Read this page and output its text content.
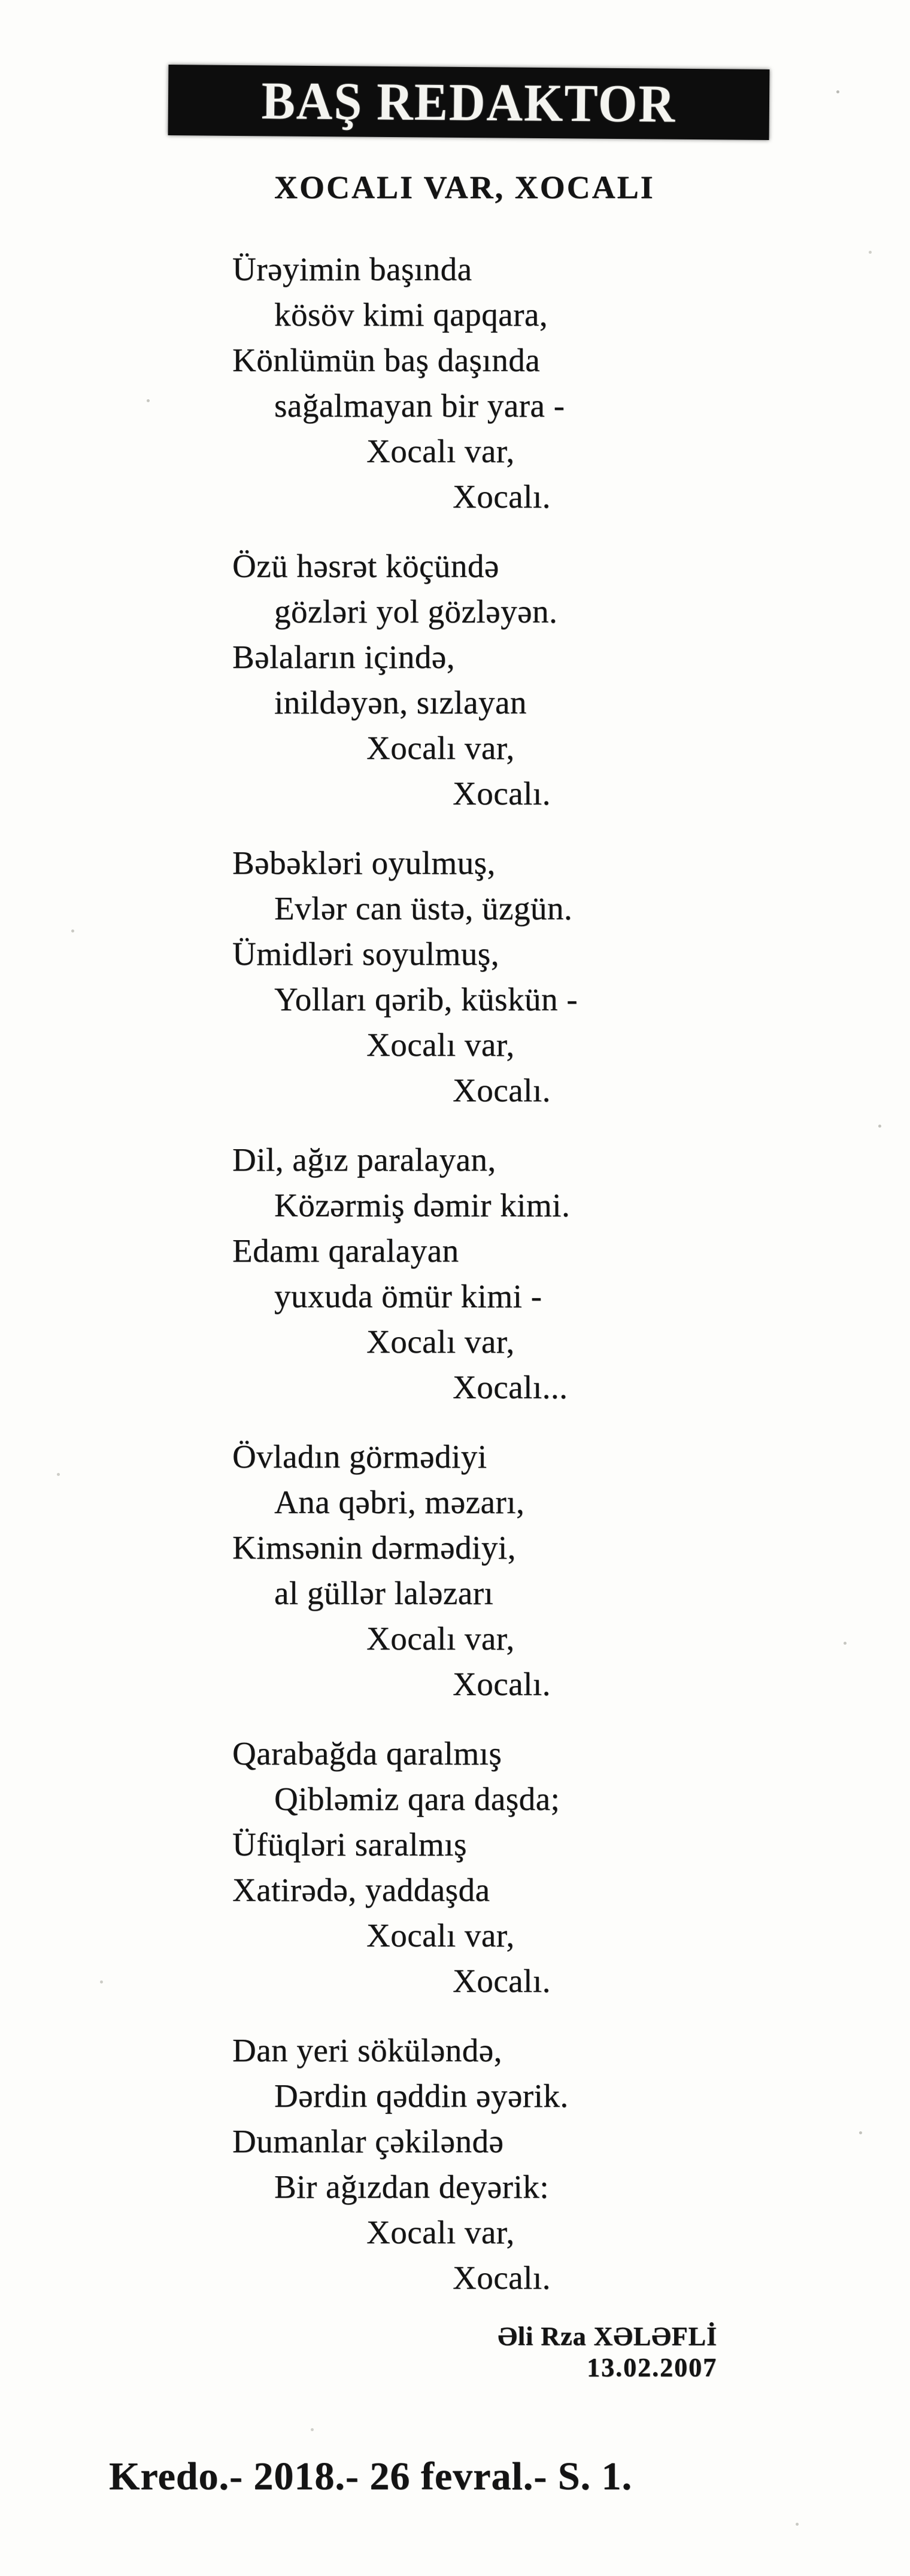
BAŞ REDAKTOR
XOCALI VAR, XOCALI
Ürəyimin başında
kösöv kimi qapqara,
Könlümün baş daşında
sağalmayan bir yara -
Xocalı var,
Xocalı.
Özü həsrət köçündə
gözləri yol gözləyən.
Bəlaların içində,
inildəyən, sızlayan
Xocalı var,
Xocalı.
Bəbəkləri oyulmuş,
Evlər can üstə, üzgün.
Ümidləri soyulmuş,
Yolları qərib, küskün -
Xocalı var,
Xocalı.
Dil, ağız paralayan,
Közərmiş dəmir kimi.
Edamı qaralayan
yuxuda ömür kimi -
Xocalı var,
Xocalı...
Övladın görmədiyi
Ana qəbri, məzarı,
Kimsənin dərmədiyi,
al güllər laləzarı
Xocalı var,
Xocalı.
Qarabağda qaralmış
Qibləmiz qara daşda;
Üfüqləri saralmış
Xatirədə, yaddaşda
Xocalı var,
Xocalı.
Dan yeri söküləndə,
Dərdin qəddin əyərik.
Dumanlar çəkiləndə
Bir ağızdan deyərik:
Xocalı var,
Xocalı.
Əli Rza XƏLƏFLİ
13.02.2007
Kredo.- 2018.- 26 fevral.- S. 1.
